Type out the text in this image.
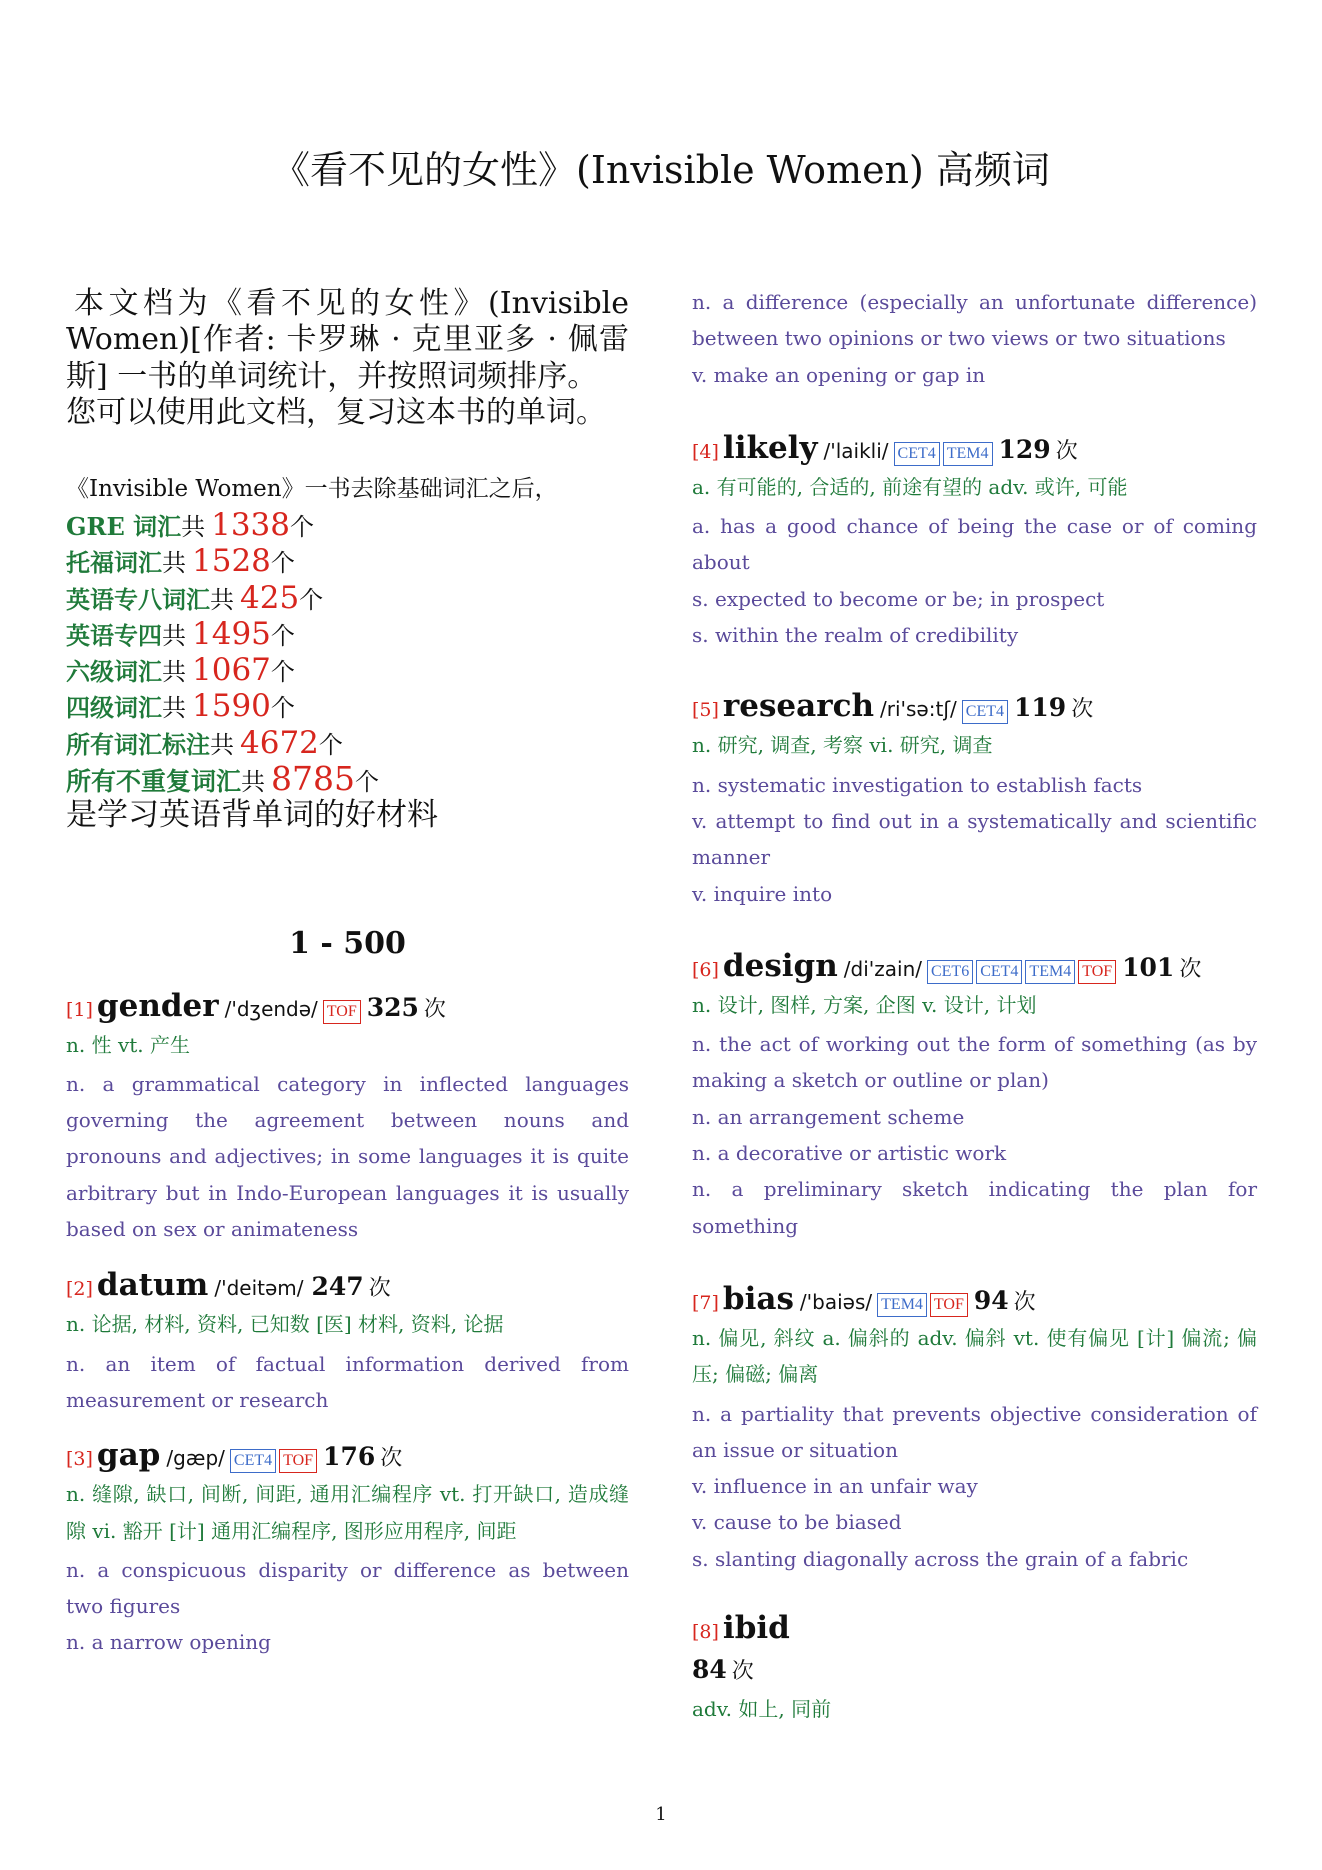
《看不见的女性》(Invisible Women) 高频词

本文档为《看不见的女性》(Invisible Women)[作者: 卡罗琳 · 克里亚多 · 佩雷斯] 一书的单词统计，并按照词频排序。

您可以使用此文档，复习这本书的单词。

《Invisible Women》一书去除基础词汇之后，
GRE 词汇共 1338个
托福词汇共 1528个
英语专八词汇共 425个
英语专四共 1495个
六级词汇共 1067个
四级词汇共 1590个
所有词汇标注共 4672个
所有不重复词汇共 8785个
是学习英语背单词的好材料
1 - 500
[1] gender /'dʒendə/ TOF 325 次
n. 性 vt. 产生
n. a grammatical category in inflected languages governing the agreement between nouns and pronouns and adjectives; in some languages it is quite arbitrary but in Indo-European languages it is usually based on sex or animateness
[2] datum /'deitəm/ 247 次
n. 论据, 材料, 资料, 已知数 [医] 材料, 资料, 论据
n. an item of factual information derived from measurement or research
[3] gap /gæp/ CET4 TOF 176 次
n. 缝隙, 缺口, 间断, 间距, 通用汇编程序 vt. 打开缺口, 造成缝隙 vi. 豁开 [计] 通用汇编程序, 图形应用程序, 间距
n. a conspicuous disparity or difference as between two figures
n. a narrow opening
n. a difference (especially an unfortunate difference) between two opinions or two views or two situations
v. make an opening or gap in
[4] likely /'laikli/ CET4 TEM4 129 次
a. 有可能的, 合适的, 前途有望的 adv. 或许, 可能
a. has a good chance of being the case or of coming about
s. expected to become or be; in prospect
s. within the realm of credibility
[5] research /ri'sə:tʃ/ CET4 119 次
n. 研究, 调查, 考察 vi. 研究, 调查
n. systematic investigation to establish facts
v. attempt to find out in a systematically and scientific manner
v. inquire into
[6] design /di'zain/ CET6 CET4 TEM4 TOF 101 次
n. 设计, 图样, 方案, 企图 v. 设计, 计划
n. the act of working out the form of something (as by making a sketch or outline or plan)
n. an arrangement scheme
n. a decorative or artistic work
n. a preliminary sketch indicating the plan for something
[7] bias /'baiəs/ TEM4 TOF 94 次
n. 偏见, 斜纹 a. 偏斜的 adv. 偏斜 vt. 使有偏见 [计] 偏流; 偏压; 偏磁; 偏离
n. a partiality that prevents objective consideration of an issue or situation
v. influence in an unfair way
v. cause to be biased
s. slanting diagonally across the grain of a fabric
[8] ibid
84 次
adv. 如上, 同前
1
